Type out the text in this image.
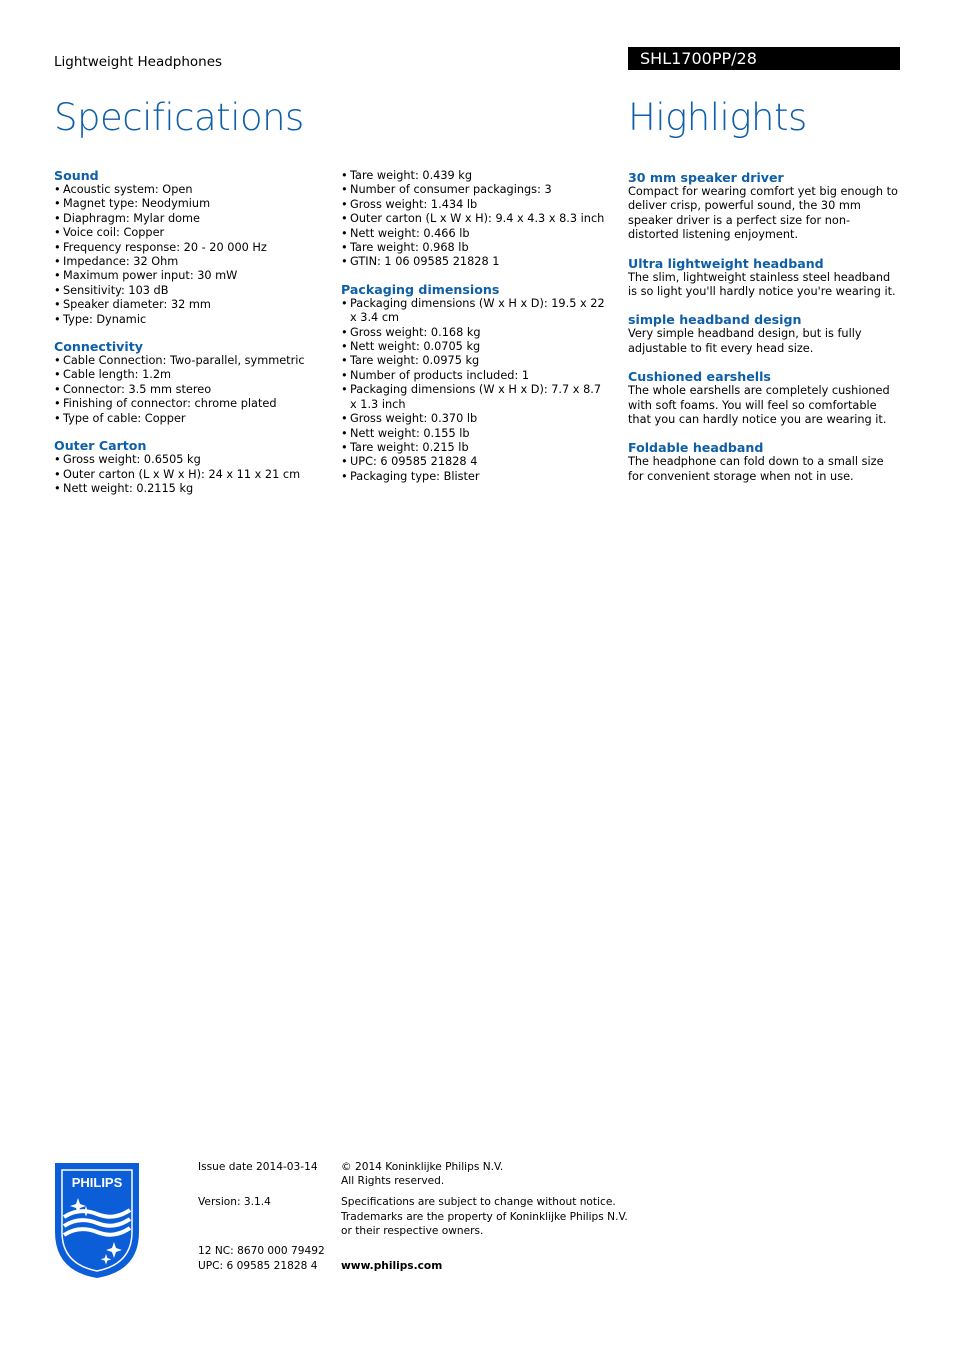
Lightweight Headphones	SHL1700PP/28
Specifications	Highlights
Sound
• Acoustic system: Open
• Magnet type: Neodymium
• Diaphragm: Mylar dome
• Voice coil: Copper
• Frequency response: 20 - 20 000 Hz
• Impedance: 32 Ohm
• Maximum power input: 30 mW
• Sensitivity: 103 dB
• Speaker diameter: 32 mm
• Type: Dynamic
Connectivity
• Cable Connection: Two-parallel, symmetric
• Cable length: 1.2m
• Connector: 3.5 mm stereo
• Finishing of connector: chrome plated
• Type of cable: Copper
Outer Carton
• Gross weight: 0.6505 kg
• Outer carton (L x W x H): 24 x 11 x 21 cm
• Nett weight: 0.2115 kg
• Tare weight: 0.439 kg
• Number of consumer packagings: 3
• Gross weight: 1.434 lb
• Outer carton (L x W x H): 9.4 x 4.3 x 8.3 inch
• Nett weight: 0.466 lb
• Tare weight: 0.968 lb
• GTIN: 1 06 09585 21828 1
Packaging dimensions
• Packaging dimensions (W x H x D): 19.5 x 22 x 3.4 cm
• Gross weight: 0.168 kg
• Nett weight: 0.0705 kg
• Tare weight: 0.0975 kg
• Number of products included: 1
• Packaging dimensions (W x H x D): 7.7 x 8.7 x 1.3 inch
• Gross weight: 0.370 lb
• Nett weight: 0.155 lb
• Tare weight: 0.215 lb
• UPC: 6 09585 21828 4
• Packaging type: Blister
30 mm speaker driver

Compact for wearing comfort yet big enough to deliver crisp, powerful sound, the 30 mm speaker driver is a perfect size for non-distorted listening enjoyment.

Ultra lightweight headband

The slim, lightweight stainless steel headband is so light you'll hardly notice you're wearing it.

simple headband design

Very simple headband design, but is fully adjustable to fit every head size.

Cushioned earshells

The whole earshells are completely cushioned with soft foams. You will feel so comfortable that you can hardly notice you are wearing it.

Foldable headband

The headphone can fold down to a small size for convenient storage when not in use.

PHILIPS
Issue date 2014-03-14
Version: 3.1.4
12 NC: 8670 000 79492
UPC: 6 09585 21828 4
© 2014 Koninklijke Philips N.V.
All Rights reserved.
Specifications are subject to change without notice.
Trademarks are the property of Koninklijke Philips N.V.
or their respective owners.
www.philips.com
